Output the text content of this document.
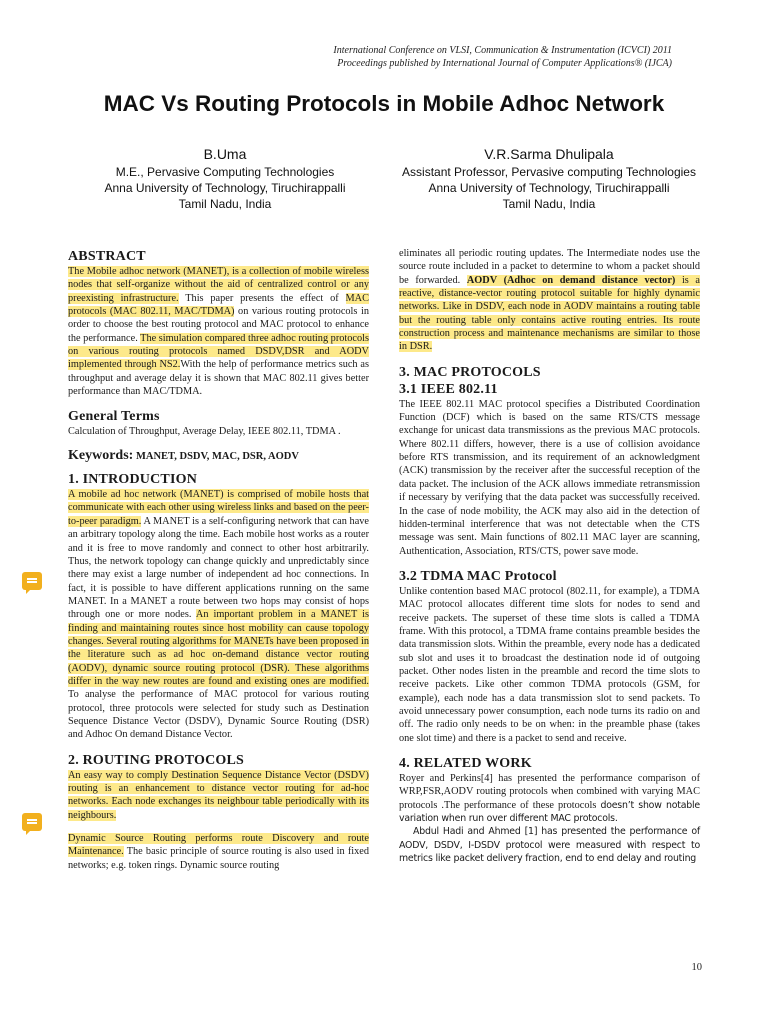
International Conference on VLSI, Communication & Instrumentation (ICVCI) 2011
Proceedings published by International Journal of Computer Applications® (IJCA)
MAC Vs Routing Protocols in Mobile Adhoc Network
B.Uma
M.E., Pervasive Computing Technologies
Anna University of Technology, Tiruchirappalli
Tamil Nadu, India
V.R.Sarma Dhulipala
Assistant Professor, Pervasive computing Technologies
Anna University of Technology, Tiruchirappalli
Tamil Nadu, India
ABSTRACT

The Mobile adhoc network (MANET), is a collection of mobile wireless nodes that self-organize without the aid of centralized control or any preexisting infrastructure. This paper presents the effect of MAC protocols (MAC 802.11, MAC/TDMA) on various routing protocols in order to choose the best routing protocol and MAC protocol to enhance the performance. The simulation compared three adhoc routing protocols on various routing protocols named DSDV,DSR and AODV implemented through NS2.With the help of performance metrics such as throughput and average delay it is shown that MAC 802.11 gives better performance than MAC/TDMA.

General Terms

Calculation of Throughput, Average Delay, IEEE 802.11, TDMA .

Keywords: MANET, DSDV, MAC, DSR, AODV

1. INTRODUCTION

A mobile ad hoc network (MANET) is comprised of mobile hosts that communicate with each other using wireless links and based on the peer-to-peer paradigm. A MANET is a self-configuring network that can have an arbitrary topology along the time. Each mobile host works as a router and it is free to move randomly and connect to other host arbitrarily. Thus, the network topology can change quickly and unpredictably since there may exist a large number of independent ad hoc connections. In fact, it is possible to have different applications running on the same MANET. In a MANET a route between two hops may consist of hops through one or more nodes. An important problem in a MANET is finding and maintaining routes since host mobility can cause topology changes. Several routing algorithms for MANETs have been proposed in the literature such as ad hoc on-demand distance vector routing (AODV), dynamic source routing protocol (DSR). These algorithms differ in the way new routes are found and existing ones are modified. To analyse the performance of MAC protocol for various routing protocol, three protocols were selected for study such as Destination Sequence Distance Vector (DSDV), Dynamic Source Routing (DSR) and Adhoc On demand Distance Vector.

2. ROUTING PROTOCOLS

An easy way to comply Destination Sequence Distance Vector (DSDV) routing is an enhancement to distance vector routing for ad-hoc networks. Each node exchanges its neighbour table periodically with its neighbours.

Dynamic Source Routing performs route Discovery and route Maintenance. The basic principle of source routing is also used in fixed networks; e.g. token rings. Dynamic source routing

eliminates all periodic routing updates. The Intermediate nodes use the source route included in a packet to determine to whom a packet should be forwarded. AODV (Adhoc on demand distance vector) is a reactive, distance-vector routing protocol suitable for highly dynamic networks. Like in DSDV, each node in AODV maintains a routing table but the routing table only contains active routing entries. Its route construction process and maintenance mechanisms are similar to those in DSR.

3. MAC PROTOCOLS
3.1 IEEE 802.11

The IEEE 802.11 MAC protocol specifies a Distributed Coordination Function (DCF) which is based on the same RTS/CTS message exchange for unicast data transmissions as the previous MAC protocols. Where 802.11 differs, however, there is a use of collision avoidance before RTS transmission, and its requirement of an acknowledgment (ACK) transmission by the receiver after the successful reception of the data packet. The inclusion of the ACK allows immediate retransmission if necessary by verifying that the data packet was successfully received. In the case of node mobility, the ACK may also aid in the detection of hidden-terminal interference that was not detectable when the CTS message was sent. Main functions of 802.11 MAC layer are scanning, Authentication, Association, RTS/CTS, power save mode.

3.2 TDMA MAC Protocol

Unlike contention based MAC protocol (802.11, for example), a TDMA MAC protocol allocates different time slots for nodes to send and receive packets. The superset of these time slots is called a TDMA frame. With this protocol, a TDMA frame contains preamble besides the data transmission slots. Within the preamble, every node has a dedicated sub slot and uses it to broadcast the destination node id of outgoing packet. Other nodes listen in the preamble and record the time slots to receive packets. Like other common TDMA protocols (GSM, for example), each node has a data transmission slot to send packets. To avoid unnecessary power consumption, each node turns its radio on and off. The radio only needs to be on when: in the preamble phase (takes one slot time) and there is a packet to send and receive.

4. RELATED WORK

Royer and Perkins[4] has presented the performance comparison of WRP,FSR,AODV routing protocols when combined with varying MAC protocols .The performance of these protocols doesn’t show notable variation when run over different MAC protocols.

Abdul Hadi and Ahmed [1] has presented the performance of AODV, DSDV, I-DSDV protocol were measured with respect to metrics like packet delivery fraction, end to end delay and routing

10
